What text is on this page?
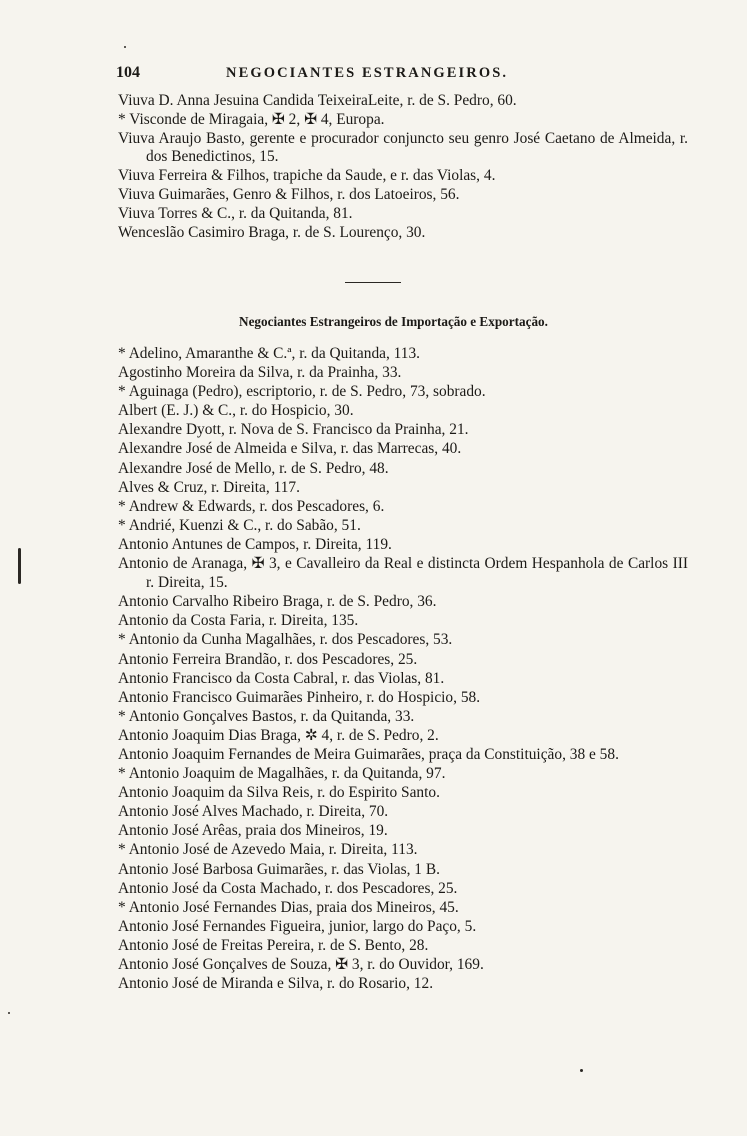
104	NEGOCIANTES ESTRANGEIROS.
Viuva D. Anna Jesuina Candida TeixeiraLeite, r. de S. Pedro, 60.
* Visconde de Miragaia, ✠ 2, ✠ 4, Europa.
Viuva Araujo Basto, gerente e procurador conjuncto seu genro José Caetano de Almeida, r. dos Benedictinos, 15.
Viuva Ferreira & Filhos, trapiche da Saude, e r. das Violas, 4.
Viuva Guimarães, Genro & Filhos, r. dos Latoeiros, 56.
Viuva Torres & C., r. da Quitanda, 81.
Wenceslão Casimiro Braga, r. de S. Lourenço, 30.
Negociantes Estrangeiros de Importação e Exportação.
* Adelino, Amaranthe & C.ª, r. da Quitanda, 113.
Agostinho Moreira da Silva, r. da Prainha, 33.
* Aguinaga (Pedro), escriptorio, r. de S. Pedro, 73, sobrado.
Albert (E. J.) & C., r. do Hospicio, 30.
Alexandre Dyott, r. Nova de S. Francisco da Prainha, 21.
Alexandre José de Almeida e Silva, r. das Marrecas, 40.
Alexandre José de Mello, r. de S. Pedro, 48.
Alves & Cruz, r. Direita, 117.
* Andrew & Edwards, r. dos Pescadores, 6.
* Andrié, Kuenzi & C., r. do Sabão, 51.
Antonio Antunes de Campos, r. Direita, 119.
Antonio de Aranaga, ✠ 3, e Cavalleiro da Real e distincta Ordem Hespanhola de Carlos III r. Direita, 15.
Antonio Carvalho Ribeiro Braga, r. de S. Pedro, 36.
Antonio da Costa Faria, r. Direita, 135.
* Antonio da Cunha Magalhães, r. dos Pescadores, 53.
Antonio Ferreira Brandão, r. dos Pescadores, 25.
Antonio Francisco da Costa Cabral, r. das Violas, 81.
Antonio Francisco Guimarães Pinheiro, r. do Hospicio, 58.
* Antonio Gonçalves Bastos, r. da Quitanda, 33.
Antonio Joaquim Dias Braga, ✲ 4, r. de S. Pedro, 2.
Antonio Joaquim Fernandes de Meira Guimarães, praça da Constituição, 38 e 58.
* Antonio Joaquim de Magalhães, r. da Quitanda, 97.
Antonio Joaquim da Silva Reis, r. do Espirito Santo.
Antonio José Alves Machado, r. Direita, 70.
Antonio José Arêas, praia dos Mineiros, 19.
* Antonio José de Azevedo Maia, r. Direita, 113.
Antonio José Barbosa Guimarães, r. das Violas, 1 B.
Antonio José da Costa Machado, r. dos Pescadores, 25.
* Antonio José Fernandes Dias, praia dos Mineiros, 45.
Antonio José Fernandes Figueira, junior, largo do Paço, 5.
Antonio José de Freitas Pereira, r. de S. Bento, 28.
Antonio José Gonçalves de Souza, ✠ 3, r. do Ouvidor, 169.
Antonio José de Miranda e Silva, r. do Rosario, 12.
